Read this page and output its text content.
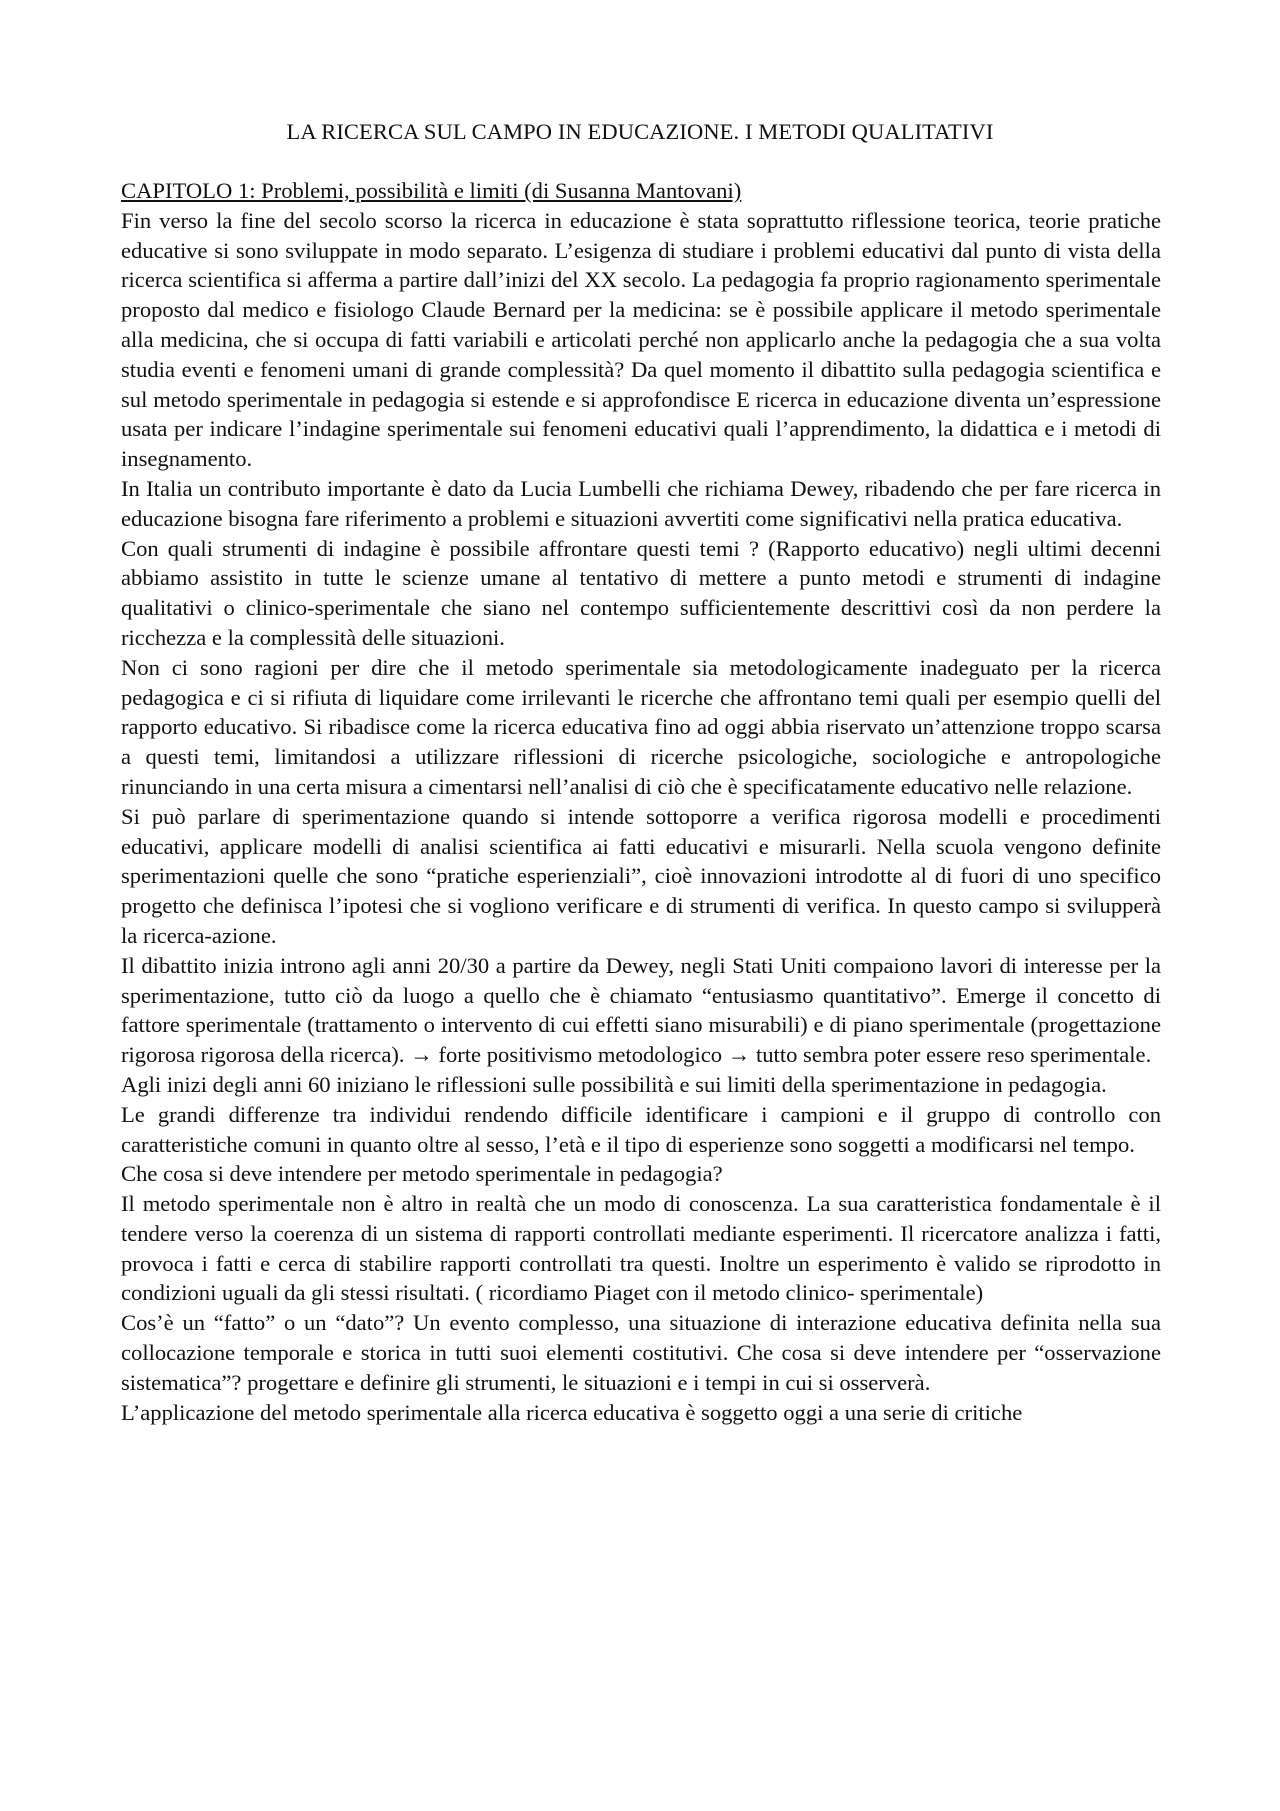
LA RICERCA SUL CAMPO IN EDUCAZIONE. I METODI QUALITATIVI
CAPITOLO 1: Problemi, possibilità e limiti (di Susanna Mantovani)

Fin verso la fine del secolo scorso la ricerca in educazione è stata soprattutto riflessione teorica, teorie pratiche educative si sono sviluppate in modo separato. L’esigenza di studiare i problemi educativi dal punto di vista della ricerca scientifica si afferma a partire dall’inizi del XX secolo. La pedagogia fa proprio ragionamento sperimentale proposto dal medico e fisiologo Claude Bernard per la medicina: se è possibile applicare il metodo sperimentale alla medicina, che si occupa di fatti variabili e articolati perché non applicarlo anche la pedagogia che a sua volta studia eventi e fenomeni umani di grande complessità? Da quel momento il dibattito sulla pedagogia scientifica e sul metodo sperimentale in pedagogia si estende e si approfondisce E ricerca in educazione diventa un’espressione usata per indicare l’indagine sperimentale sui fenomeni educativi quali l’apprendimento, la didattica e i metodi di insegnamento.

In Italia un contributo importante è dato da Lucia Lumbelli che richiama Dewey, ribadendo che per fare ricerca in educazione bisogna fare riferimento a problemi e situazioni avvertiti come significativi nella pratica educativa.

Con quali strumenti di indagine è possibile affrontare questi temi ? (Rapporto educativo) negli ultimi decenni abbiamo assistito in tutte le scienze umane al tentativo di mettere a punto metodi e strumenti di indagine qualitativi o clinico-sperimentale che siano nel contempo sufficientemente descrittivi così da non perdere la ricchezza e la complessità delle situazioni.

Non ci sono ragioni per dire che il metodo sperimentale sia metodologicamente inadeguato per la ricerca pedagogica e ci si rifiuta di liquidare come irrilevanti le ricerche che affrontano temi quali per esempio quelli del rapporto educativo. Si ribadisce come la ricerca educativa fino ad oggi abbia riservato un’attenzione troppo scarsa a questi temi, limitandosi a utilizzare riflessioni di ricerche psicologiche, sociologiche e antropologiche rinunciando in una certa misura a cimentarsi nell’analisi di ciò che è specificatamente educativo nelle relazione.

Si può parlare di sperimentazione quando si intende sottoporre a verifica rigorosa modelli e procedimenti educativi, applicare modelli di analisi scientifica ai fatti educativi e misurarli. Nella scuola vengono definite sperimentazioni quelle che sono “pratiche esperienziali”, cioè innovazioni introdotte al di fuori di uno specifico progetto che definisca l’ipotesi che si vogliono verificare e di strumenti di verifica. In questo campo si svilupperà la ricerca-azione.

Il dibattito inizia introno agli anni 20/30 a partire da Dewey, negli Stati Uniti compaiono lavori di interesse per la sperimentazione, tutto ciò da luogo a quello che è chiamato “entusiasmo quantitativo”. Emerge il concetto di fattore sperimentale (trattamento o intervento di cui effetti siano misurabili) e di piano sperimentale (progettazione rigorosa rigorosa della ricerca). → forte positivismo metodologico → tutto sembra poter essere reso sperimentale.

Agli inizi degli anni 60 iniziano le riflessioni sulle possibilità e sui limiti della sperimentazione in pedagogia.

Le grandi differenze tra individui rendendo difficile identificare i campioni e il gruppo di controllo con caratteristiche comuni in quanto oltre al sesso, l’età e il tipo di esperienze sono soggetti a modificarsi nel tempo.

Che cosa si deve intendere per metodo sperimentale in pedagogia?

Il metodo sperimentale non è altro in realtà che un modo di conoscenza. La sua caratteristica fondamentale è il tendere verso la coerenza di un sistema di rapporti controllati mediante esperimenti. Il ricercatore analizza i fatti, provoca i fatti e cerca di stabilire rapporti controllati tra questi. Inoltre un esperimento è valido se riprodotto in condizioni uguali da gli stessi risultati. ( ricordiamo Piaget con il metodo clinico- sperimentale)

Cos’è un “fatto” o un “dato”? Un evento complesso, una situazione di interazione educativa definita nella sua collocazione temporale e storica in tutti suoi elementi costitutivi. Che cosa si deve intendere per “osservazione sistematica”? progettare e definire gli strumenti, le situazioni e i tempi in cui si osserverà.

L’applicazione del metodo sperimentale alla ricerca educativa è soggetto oggi a una serie di critiche
